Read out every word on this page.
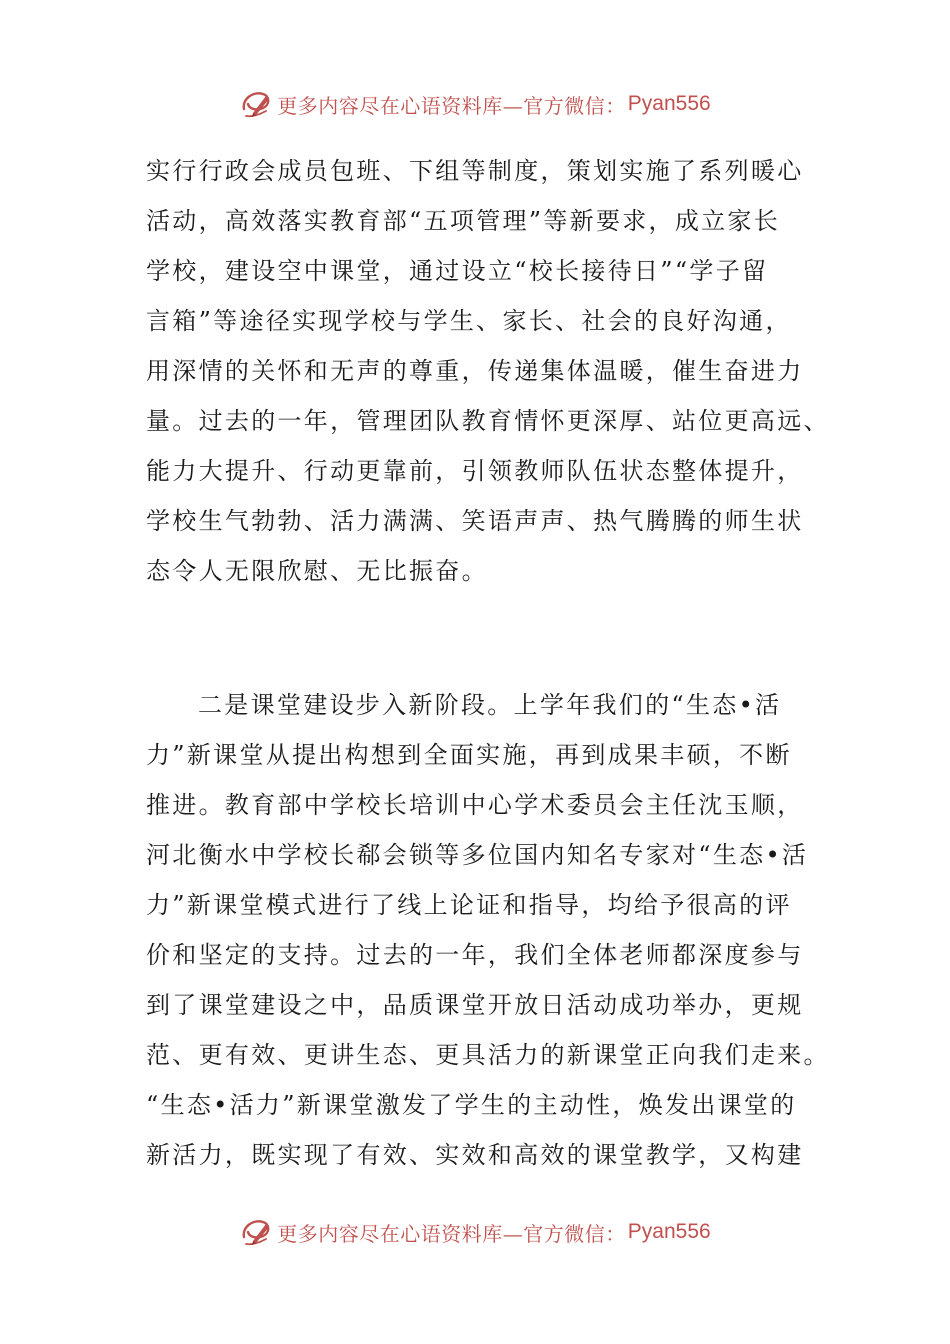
更多内容尽在心语资料库—官方微信： Pyan556
实行行政会成员包班、下组等制度，策划实施了系列暖心
活动，高效落实教育部“五项管理”等新要求，成立家长
学校，建设空中课堂，通过设立“校长接待日”“学子留
言箱”等途径实现学校与学生、家长、社会的良好沟通，
用深情的关怀和无声的尊重，传递集体温暖，催生奋进力
量。过去的一年，管理团队教育情怀更深厚、站位更高远、
能力大提升、行动更靠前，引领教师队伍状态整体提升，
学校生气勃勃、活力满满、笑语声声、热气腾腾的师生状
态令人无限欣慰、无比振奋。
二是课堂建设步入新阶段。上学年我们的“生态•活
力”新课堂从提出构想到全面实施，再到成果丰硕，不断
推进。教育部中学校长培训中心学术委员会主任沈玉顺，
河北衡水中学校长郗会锁等多位国内知名专家对“生态•活
力”新课堂模式进行了线上论证和指导，均给予很高的评
价和坚定的支持。过去的一年，我们全体老师都深度参与
到了课堂建设之中，品质课堂开放日活动成功举办，更规
范、更有效、更讲生态、更具活力的新课堂正向我们走来。
“生态•活力”新课堂激发了学生的主动性，焕发出课堂的
新活力，既实现了有效、实效和高效的课堂教学，又构建
更多内容尽在心语资料库—官方微信： Pyan556
